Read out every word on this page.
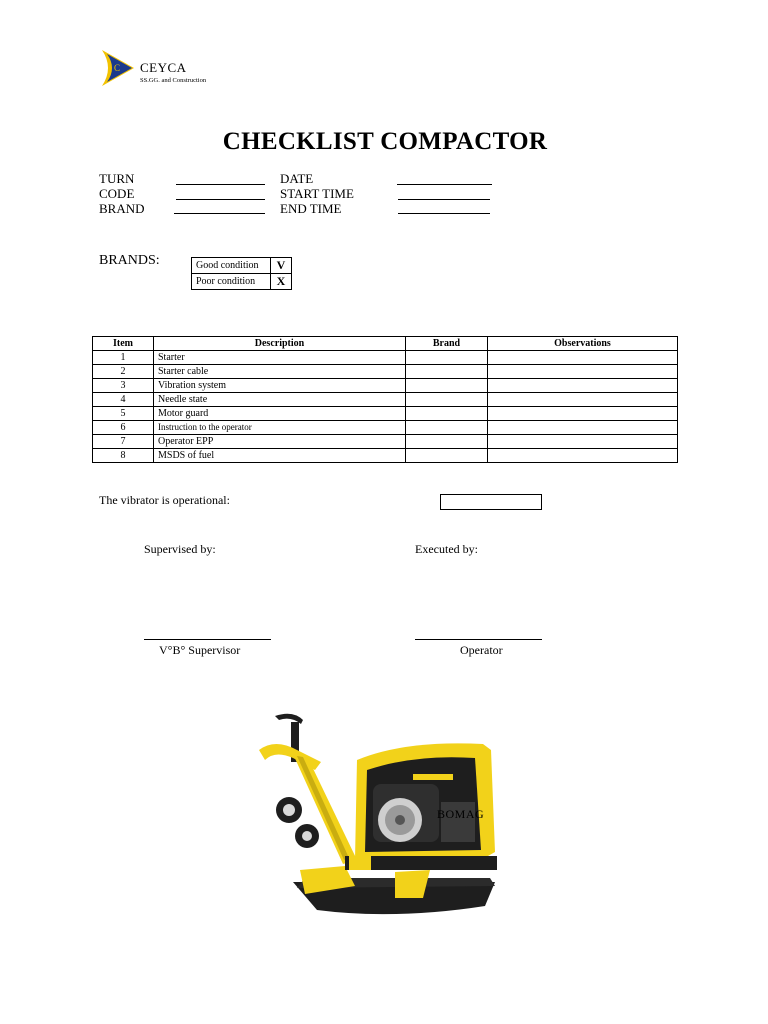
C CEYCA
SS.GG. and Construction
CHECKLIST COMPACTOR
TURN
CODE
BRAND
DATE
START TIME
END TIME
BRANDS:	Good condition	V
Poor condition	X
Item	Description	Brand	Observations
1	Starter		
2	Starter cable		
3	Vibration system		
4	Needle state		
5	Motor guard		
6	Instruction to the operator		
7	Operator EPP		
8	MSDS of fuel		
The vibrator is operational:
Supervised by:	Executed by:
V°B° Supervisor	Operator
BOMAG
